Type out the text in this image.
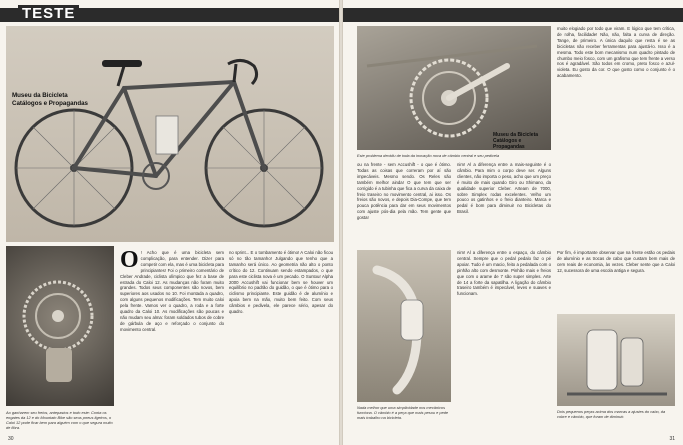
TESTE
Museu da Bicicleta
Catálogos e Propagandas
Ao ganharem seu freios, antepastos e todo este: Conta os engates da 12 e do Mountain Bike são seus pneus ligeiros, o Caloi 12 pode ficar bem para alguém com o que segura muito de fibra.
O ! Acho que é uma bicicleta sem complicação, para entender. Dizer para competir com ela, mas é uma bicicleta para principiantes! Foi o primeiro comentário de Cleber Andrade, ciclista olímpico que fez a base de estrada do Caloi 12. As mudanças não foram muito grandes. Todos seus componentes são novos, bem superiores aos usados no 10. Foi montada a quadro, com alguns pequenos modificações. Tem muito caloi pela frente. Vamos ver o quadro, a roda e a forte quadro da Caloi 10. As modificações são poucas e não mudam seu alma: foram soldados tubos de cobre de gárbula de aço e reforçado o conjunto do movimento central.
no sprint... E o tombamento é ótimo! A Caloi não ficou só no tão tamanho! Julgando que tenho que a tamanho será único. Ao geometria não alto o ponto crítico do 12. Continuam sendo estampados, o que para este ciclista nova é um pecado. O Suntour Alpha 2000 Accushift vai funcionar bem se houver um equilíbrio no padrão do guidão, o que é ótimo para o ciclismo principiante. Este guidão é de alumínio e apoia bem na mão, muito bem feito. Com seus câmbios e pedivela, ele parece sério, apesar do quadro.
30
Museu da Bicicleta
Catálogos e Propagandas
Este problema decidiu de toda da inovação nova de câmbio central e seu pedivela
ou na frente - sem Accushift - o que é ótimo. Todas as coisas que correram por aí são impecáveis. Mesmo sendo. Os Reles são também melhor ainda! O que tem que ser corrigido é a tubinha que fica a curva da caixa de freio traseiro no movimento central, ai isso. Os freios são novos, e depois Dia-Compe, que tem pouca potência para dar em seus movimentos com ajuste pós-dia pela mão. Tem gente que gosta!
nim! Al a diferença entre a mais-seguinte é o câmbio. Para mim o corpo deve ser. Alguns clientes, não importa o peso, acho que um preço é muito de mais quando Giro ou Shimano, da qualidade superior Cleber. Arteam de 7000, sobre Simplex rodas excelentes. Velho um pouco os gatinhos e o freio dianteiro. Marca e pedal é bom para diminuir no Bicicletas do Brasil.
muito elogiado por todo que viram. E lógico que tem crítica, de rolha, facilidade! Não, não, falta a curva de direção. Tange, de primeiro. A única daquilo que resta é se as bicicletas não receber ferramentas para ajustá-lo. Isso é a mesma. Todo este bom mecanismo num quadro pintado de chumbo meio fosco, com um grafismo que tem frente a verso nos é agradável. São todos em cromo, preto fosco e azul-violeta. Eu gosto da cor. O que gosto como o conjunto é o acabamento.
Nada melhor que uma simplicidade nos mecânicos funciona. O câmbio é a peça que mais pesou e pede mais trabalho na bicicleta.
nim! Al a diferença entre o espaço, do câmbio central. Sempre que o pedal pedalo faz o pé apoiar. Tudo é um macio, feito a pedalada com o pinhão alto com desmonte. Pinhão mais e freios que com o arame de 7 são super simples. Arte de 14 a forte da sapatilha. A ligação do câmbio traseiro também é impecável, leves e suaves e funcionam.
Por fim, é importante observar que na frente estão os pedais de alumínio e as trocas de cabo que custam bem mais de cem reais de economia, às vezes. Cleber sente que a Caloi 12, sucessora de uma escola antiga e segura.
Dois pequenos peças acima dos marcas a ajustes do cabo, da cobre e câmbio, que foram de diminuir.
31
